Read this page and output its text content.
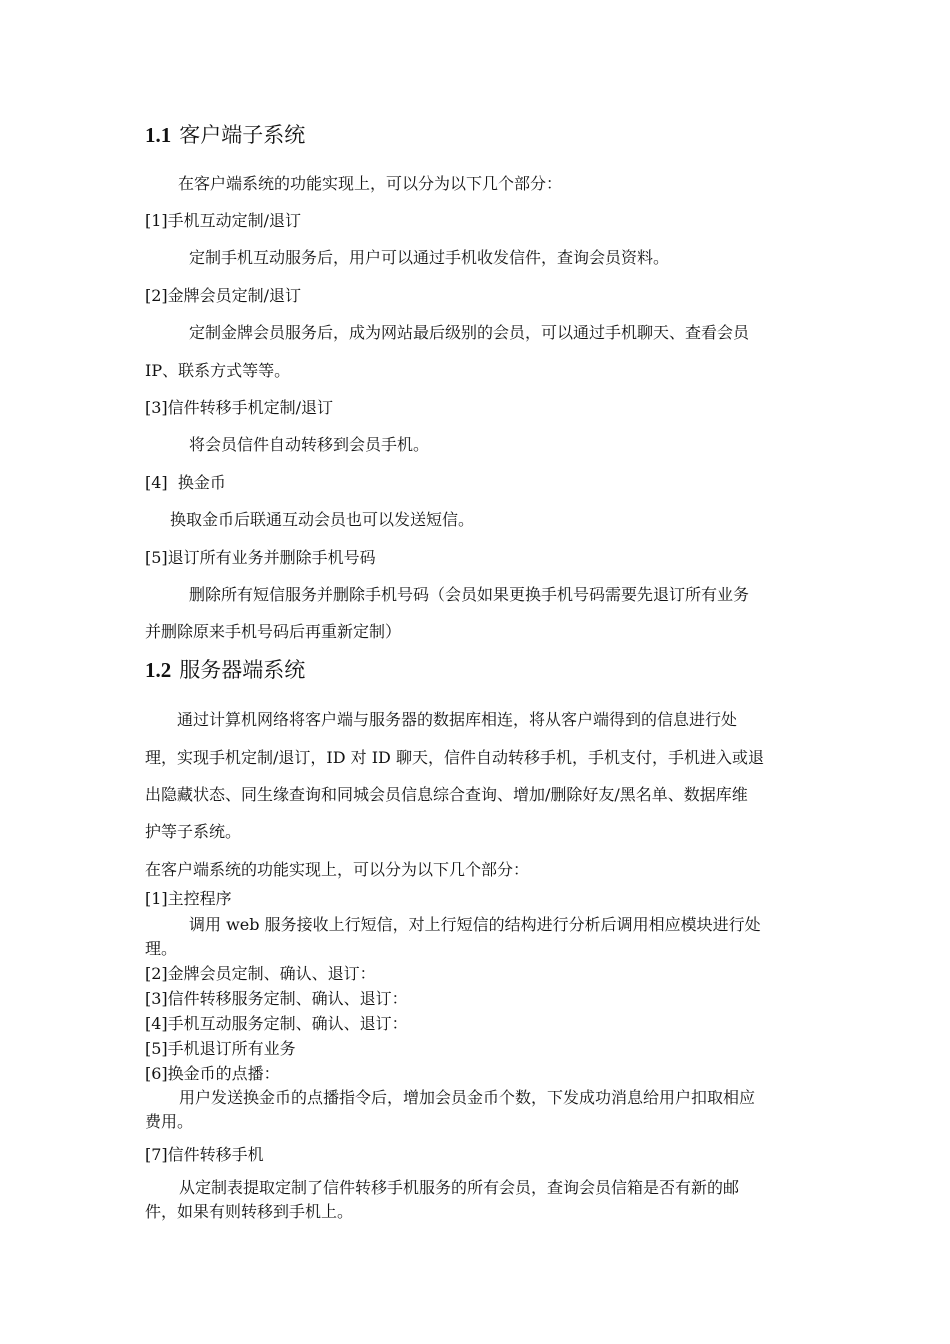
1.1 客户端子系统
在客户端系统的功能实现上，可以分为以下几个部分：
[1]手机互动定制/退订
定制手机互动服务后，用户可以通过手机收发信件，查询会员资料。
[2]金牌会员定制/退订
定制金牌会员服务后，成为网站最后级别的会员，可以通过手机聊天、查看会员
IP、联系方式等等。
[3]信件转移手机定制/退订
将会员信件自动转移到会员手机。
[4]  换金币
换取金币后联通互动会员也可以发送短信。
[5]退订所有业务并删除手机号码
删除所有短信服务并删除手机号码（会员如果更换手机号码需要先退订所有业务
并删除原来手机号码后再重新定制）
1.2 服务器端系统
通过计算机网络将客户端与服务器的数据库相连，将从客户端得到的信息进行处
理，实现手机定制/退订，ID 对 ID 聊天，信件自动转移手机，手机支付，手机进入或退
出隐藏状态、同生缘查询和同城会员信息综合查询、增加/删除好友/黑名单、数据库维
护等子系统。
在客户端系统的功能实现上，可以分为以下几个部分：
[1]主控程序
调用 web 服务接收上行短信，对上行短信的结构进行分析后调用相应模块进行处
理。
[2]金牌会员定制、确认、退订：
[3]信件转移服务定制、确认、退订：
[4]手机互动服务定制、确认、退订：
[5]手机退订所有业务
[6]换金币的点播：
用户发送换金币的点播指令后，增加会员金币个数，下发成功消息给用户扣取相应
费用。
[7]信件转移手机
从定制表提取定制了信件转移手机服务的所有会员，查询会员信箱是否有新的邮
件，如果有则转移到手机上。
